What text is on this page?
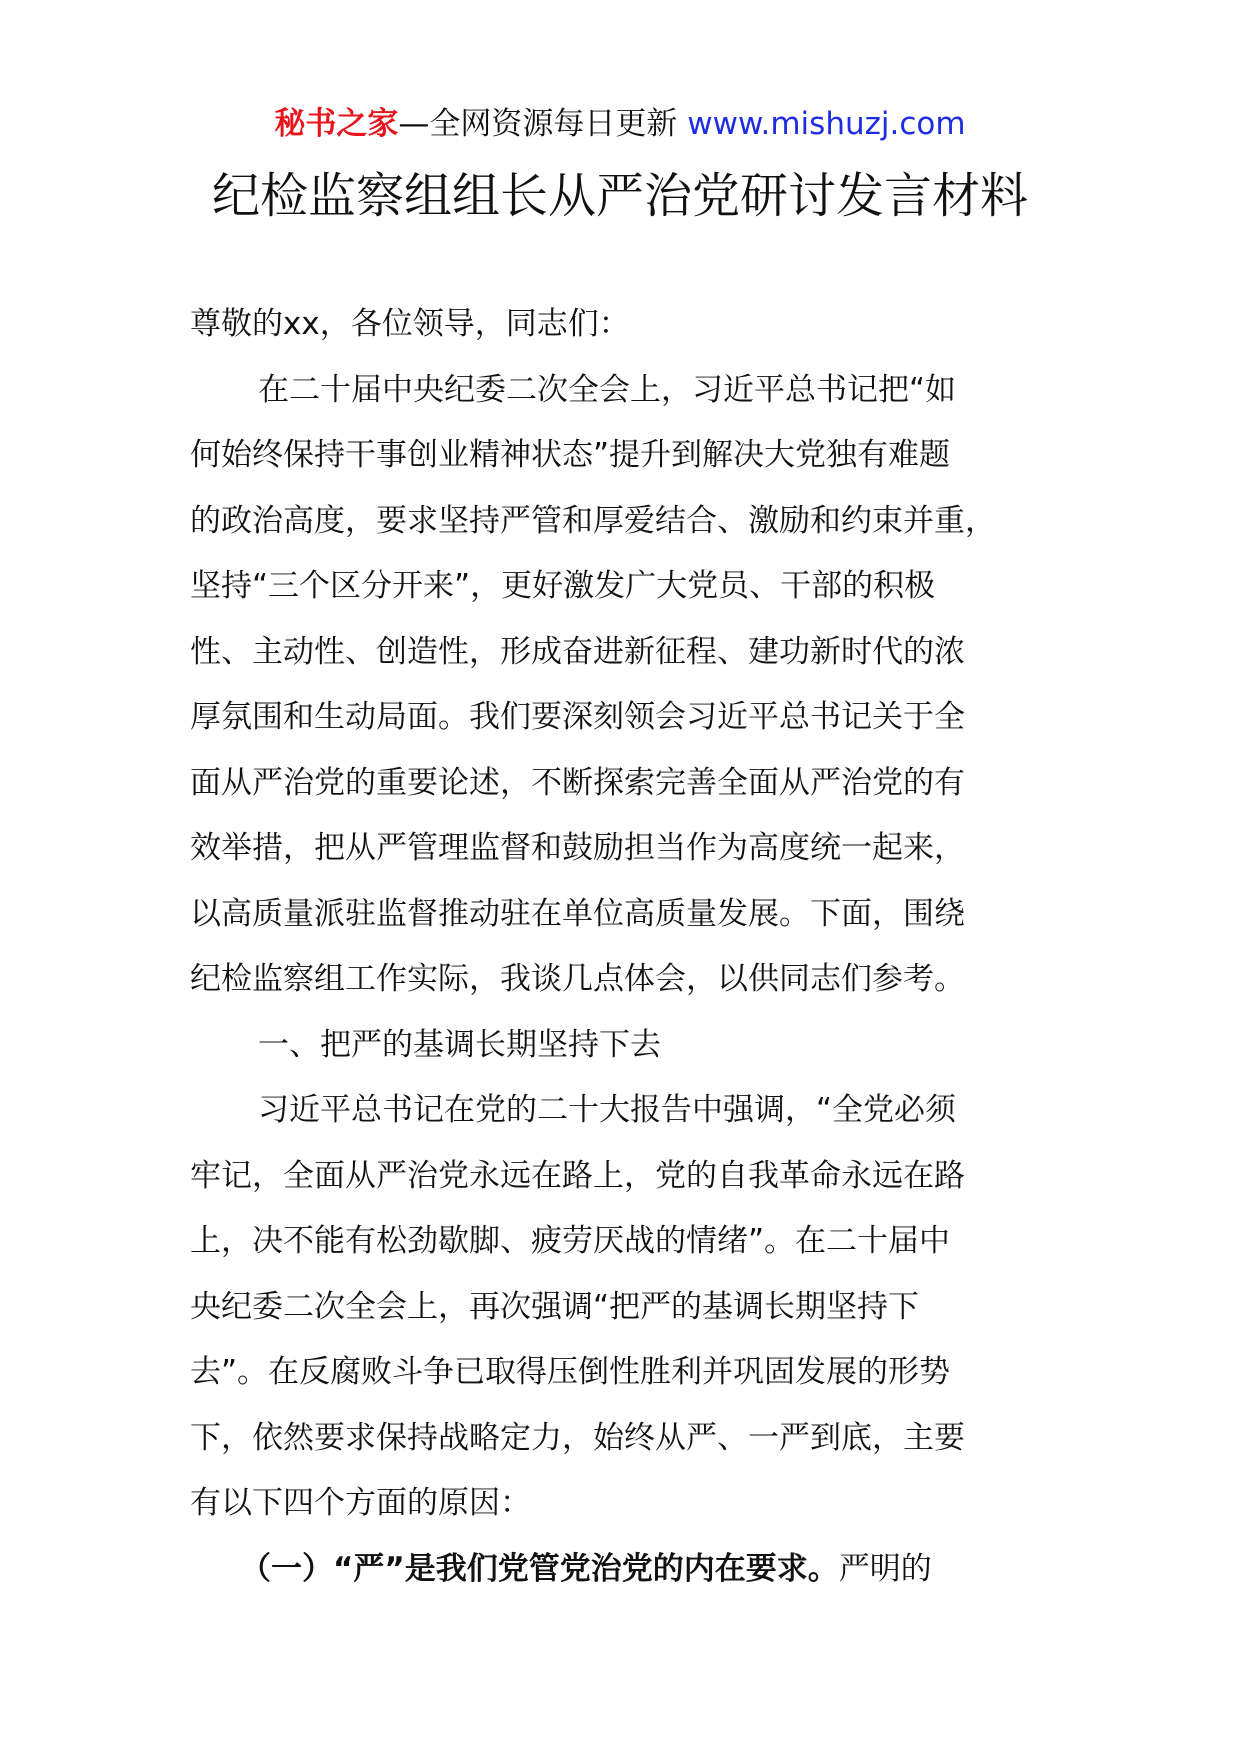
秘书之家—全网资源每日更新 www.mishuzj.com
纪检监察组组长从严治党研讨发言材料

尊敬的xx，各位领导，同志们：

在二十届中央纪委二次全会上，习近平总书记把“如
何始终保持干事创业精神状态”提升到解决大党独有难题
的政治高度，要求坚持严管和厚爱结合、激励和约束并重，
坚持“三个区分开来”，更好激发广大党员、干部的积极
性、主动性、创造性，形成奋进新征程、建功新时代的浓
厚氛围和生动局面。我们要深刻领会习近平总书记关于全
面从严治党的重要论述，不断探索完善全面从严治党的有
效举措，把从严管理监督和鼓励担当作为高度统一起来，
以高质量派驻监督推动驻在单位高质量发展。下面，围绕
纪检监察组工作实际，我谈几点体会，以供同志们参考。

一、把严的基调长期坚持下去

习近平总书记在党的二十大报告中强调，“全党必须
牢记，全面从严治党永远在路上，党的自我革命永远在路
上，决不能有松劲歇脚、疲劳厌战的情绪”。在二十届中
央纪委二次全会上，再次强调“把严的基调长期坚持下
去”。在反腐败斗争已取得压倒性胜利并巩固发展的形势
下，依然要求保持战略定力，始终从严、一严到底，主要
有以下四个方面的原因：

（一）“严”是我们党管党治党的内在要求。严明的
